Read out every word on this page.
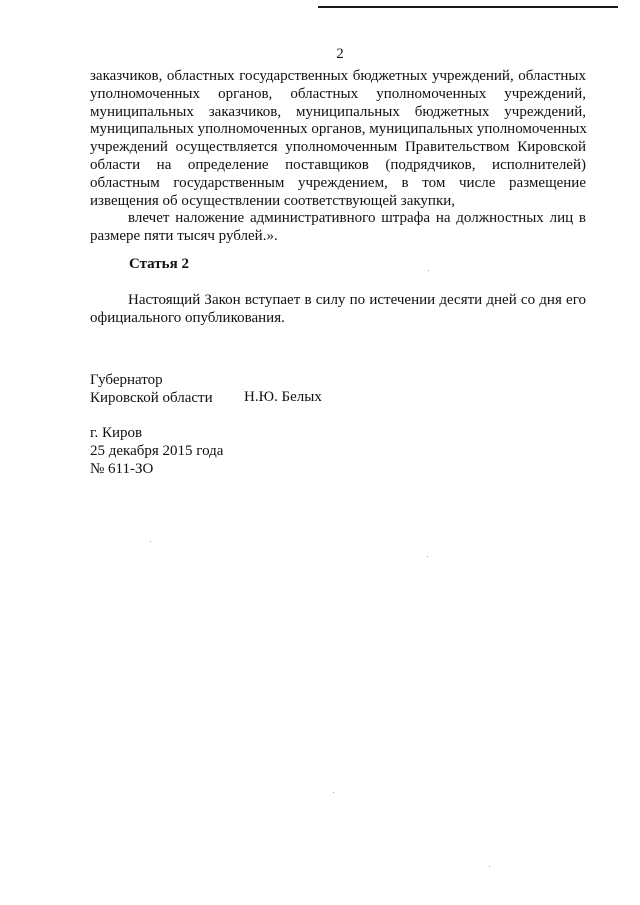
2
заказчиков, областных государственных бюджетных учреждений, областных
уполномоченных органов, областных уполномоченных учреждений,
муниципальных заказчиков, муниципальных бюджетных учреждений,
муниципальных уполномоченных органов, муниципальных уполномоченных
учреждений осуществляется уполномоченным Правительством Кировской
области на определение поставщиков (подрядчиков, исполнителей)
областным государственным учреждением, в том числе размещение
извещения об осуществлении соответствующей закупки,
влечет наложение административного штрафа на должностных лиц в
размере пяти тысяч рублей.».
Статья 2
Настоящий Закон вступает в силу по истечении десяти дней со дня его
официального опубликования.
Губернатор
Кировской области Н.Ю. Белых
г. Киров
25 декабря 2015 года
№ 611-ЗО
